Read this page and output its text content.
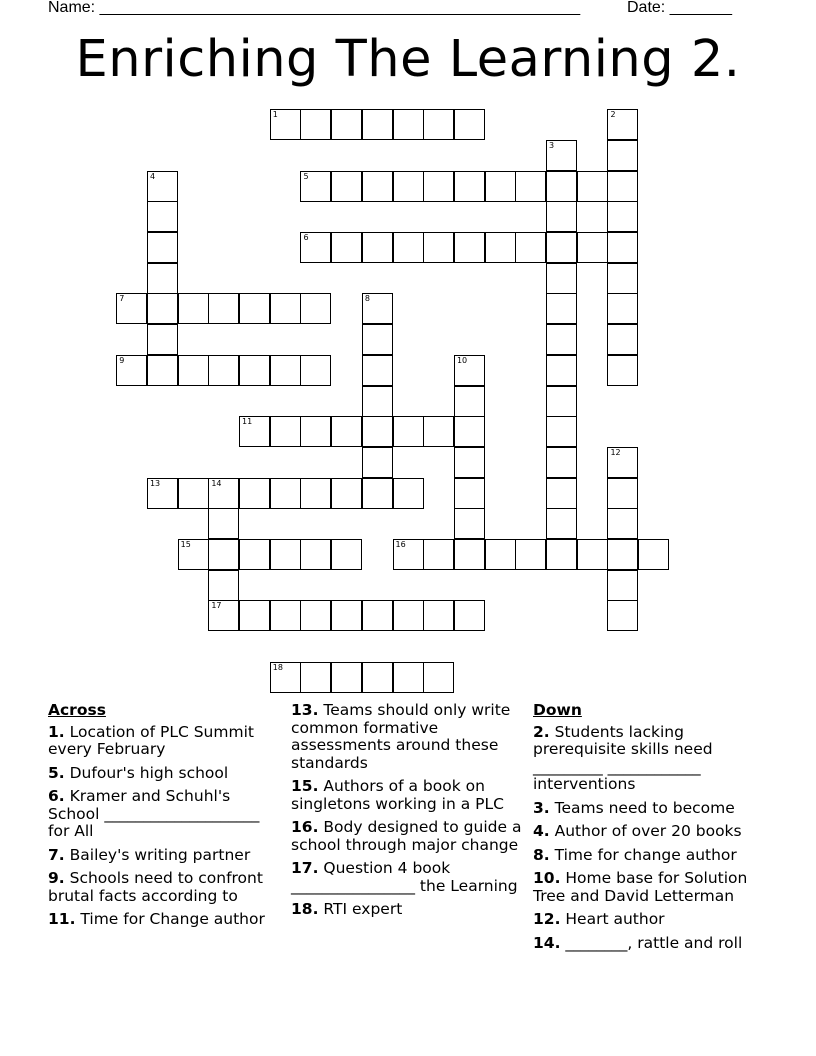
Name: ______________________________________________________	Date: _______
Enriching The Learning 2.
1	2
3
4	5
6
7	8
9	10
11
12
13	14
15	16
17
18
Across
1. Location of PLC Summit every February
5. Dufour's high school
6. Kramer and Schuhl's School ____________________ for All
7. Bailey's writing partner
9. Schools need to confront brutal facts according to
11. Time for Change author
13. Teams should only write common formative assessments around these standards
15. Authors of a book on singletons working in a PLC
16. Body designed to guide a school through major change
17. Question 4 book ________________ the Learning
18. RTI expert
Down
2. Students lacking prerequisite skills need _________ ____________ interventions
3. Teams need to become
4. Author of over 20 books
8. Time for change author
10. Home base for Solution Tree and David Letterman
12. Heart author
14. ________, rattle and roll
